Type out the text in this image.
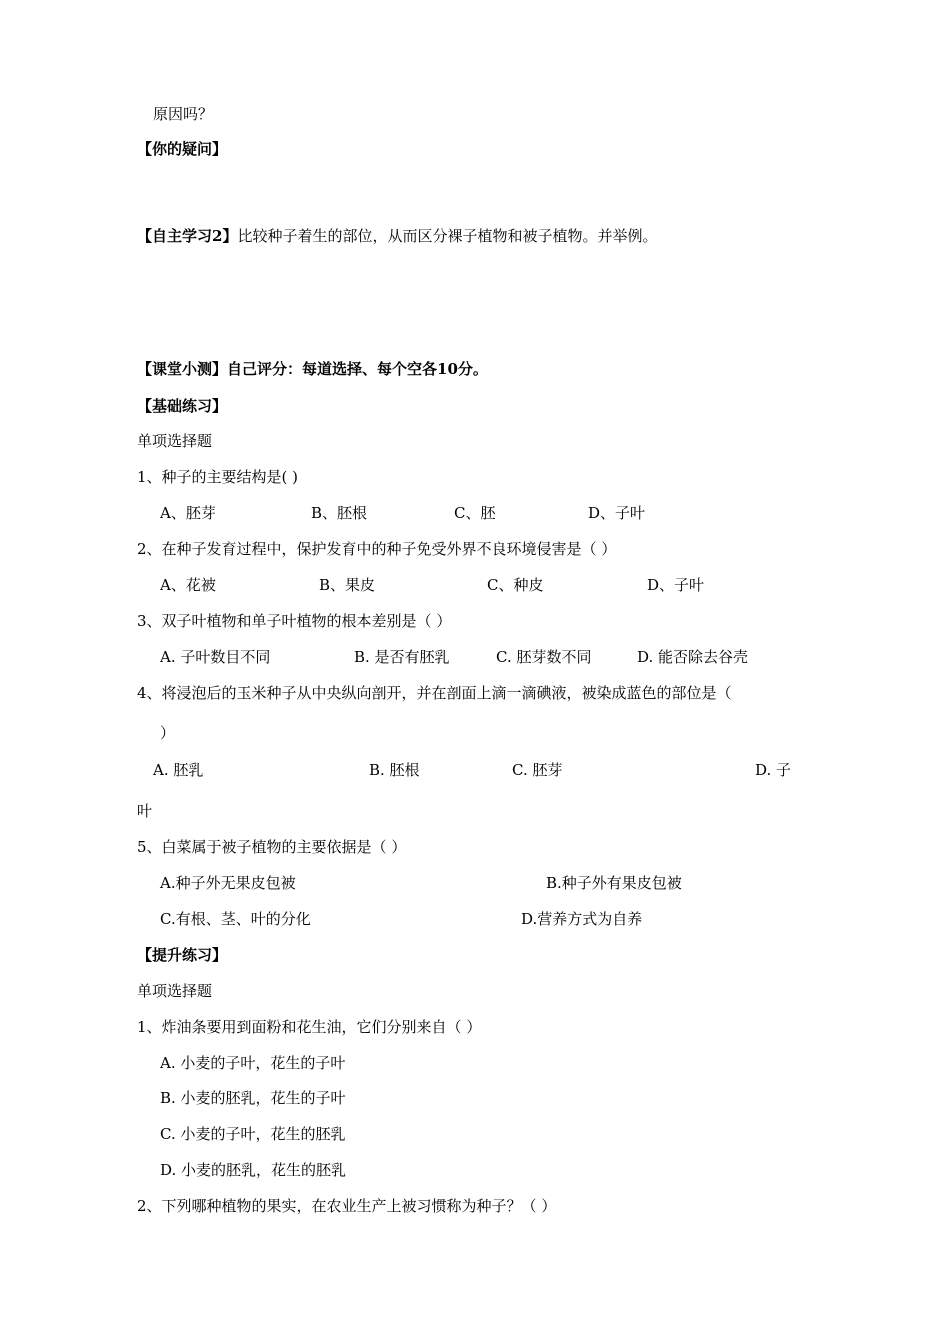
原因吗？
【你的疑问】
【自主学习2】比较种子着生的部位，从而区分裸子植物和被子植物。并举例。
【课堂小测】自己评分：每道选择、每个空各10分。
【基础练习】
单项选择题
1、种子的主要结构是( )
A、胚芽	B、胚根	C、胚	D、子叶
2、在种子发育过程中，保护发育中的种子免受外界不良环境侵害是（ ）
A、花被	B、果皮	C、种皮	D、子叶
3、双子叶植物和单子叶植物的根本差别是（ ）
A. 子叶数目不同	B. 是否有胚乳	C. 胚芽数不同	D. 能否除去谷壳
4、将浸泡后的玉米种子从中央纵向剖开，并在剖面上滴一滴碘液，被染成蓝色的部位是（
）
A. 胚乳	B. 胚根	C. 胚芽	D. 子
叶
5、白菜属于被子植物的主要依据是（ ）
A.种子外无果皮包被	B.种子外有果皮包被
C.有根、茎、叶的分化	D.营养方式为自养
【提升练习】
单项选择题
1、炸油条要用到面粉和花生油，它们分别来自（ ）
A. 小麦的子叶，花生的子叶
B. 小麦的胚乳，花生的子叶
C. 小麦的子叶，花生的胚乳
D. 小麦的胚乳，花生的胚乳
2、下列哪种植物的果实，在农业生产上被习惯称为种子？（ ）
